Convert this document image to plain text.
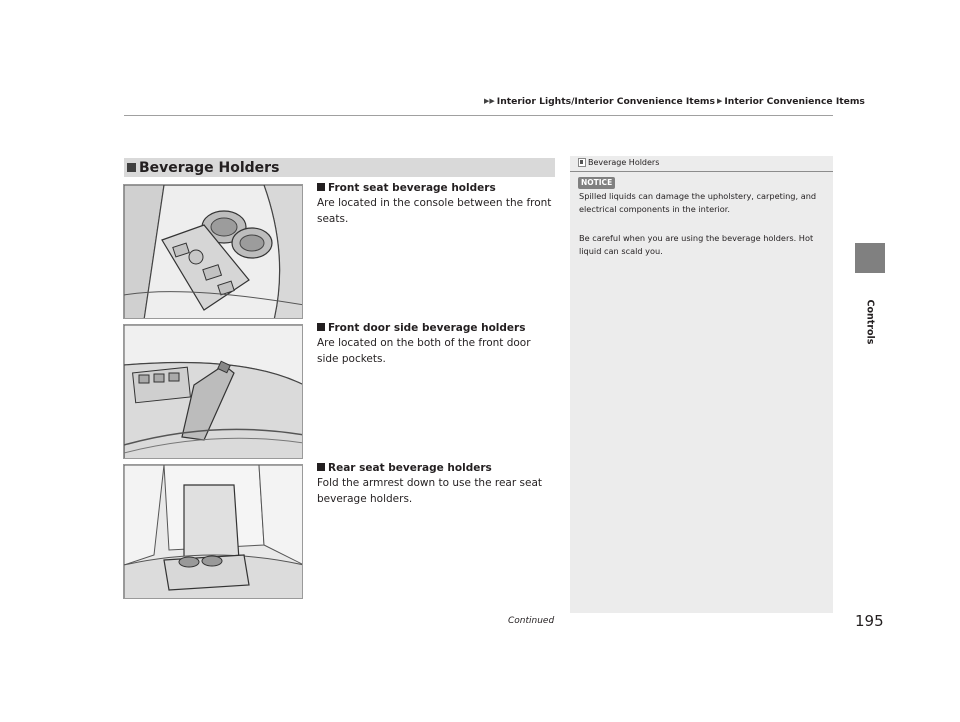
▶▶ Interior Lights/Interior Convenience Items ▶ Interior Convenience Items
Controls
Beverage Holders
Front seat beverage holders
Are located in the console between the front seats.
Front door side beverage holders
Are located on the both of the front door side pockets.
Rear seat beverage holders
Fold the armrest down to use the rear seat beverage holders.
Beverage Holders
NOTICE
Spilled liquids can damage the upholstery, carpeting, and electrical components in the interior.
Be careful when you are using the beverage holders. Hot liquid can scald you.
Continued	195
